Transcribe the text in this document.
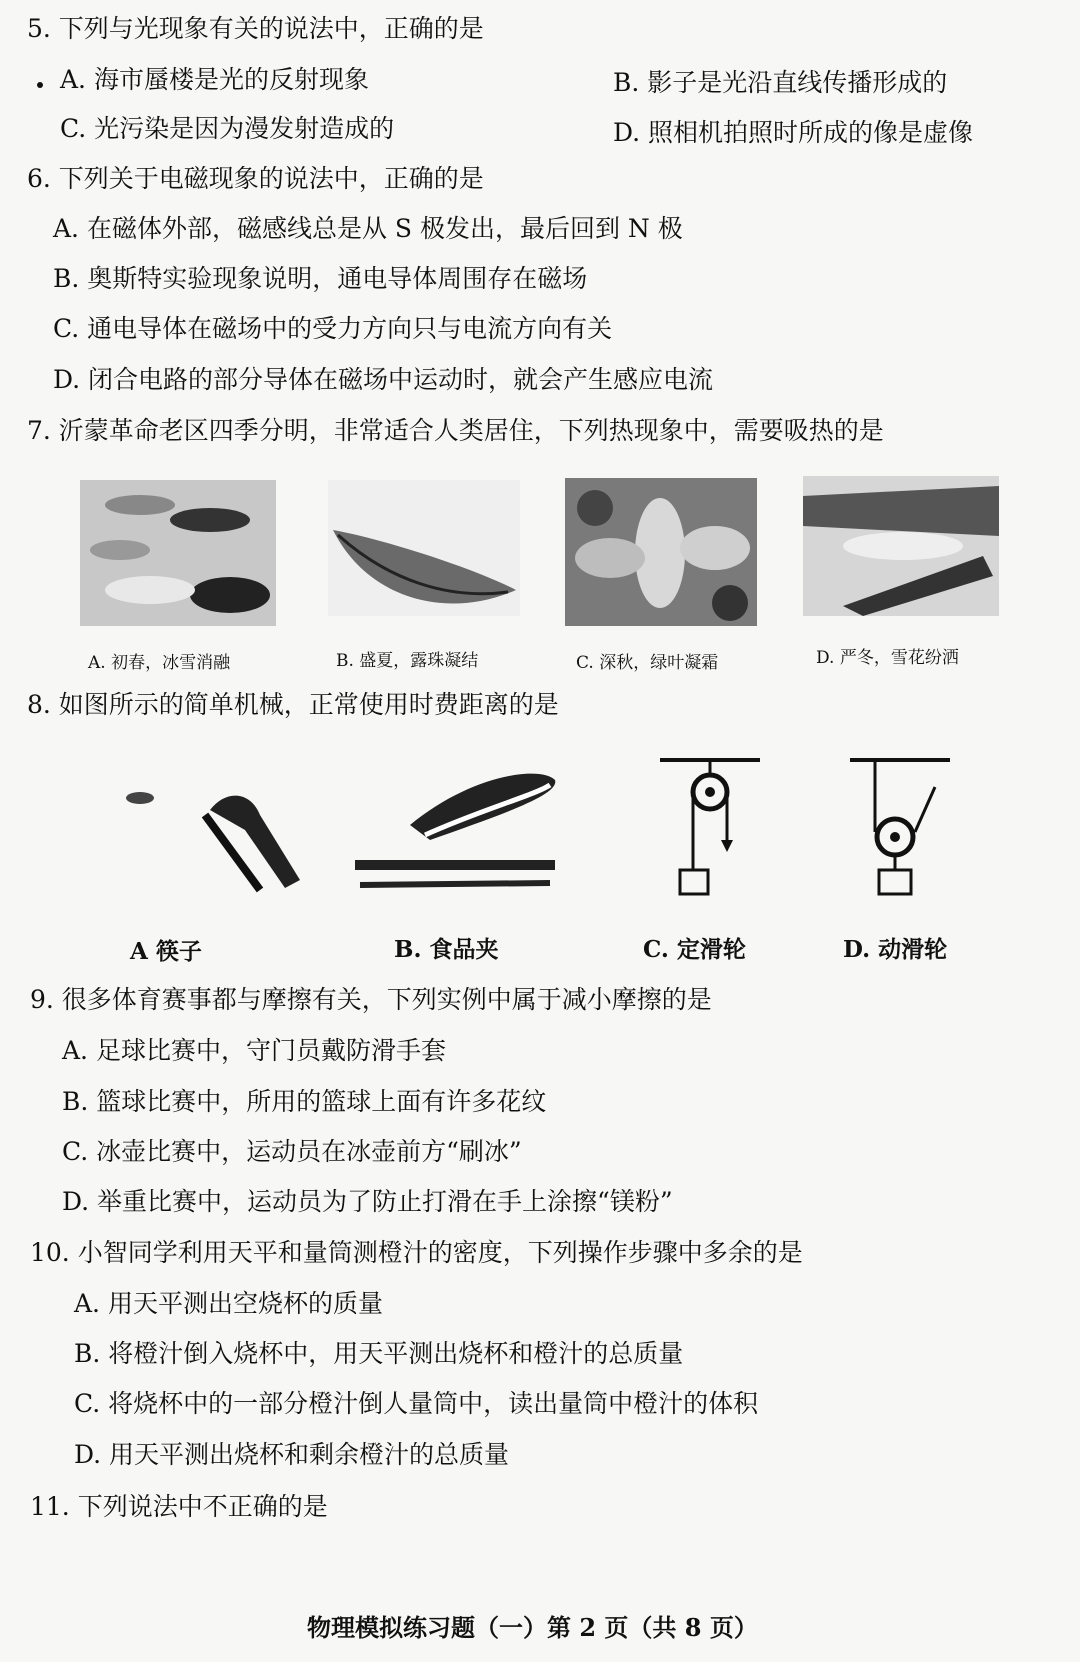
5. 下列与光现象有关的说法中，正确的是
A. 海市蜃楼是光的反射现象	B. 影子是光沿直线传播形成的
C. 光污染是因为漫发射造成的	D. 照相机拍照时所成的像是虚像
6. 下列关于电磁现象的说法中，正确的是
A. 在磁体外部，磁感线总是从 S 极发出，最后回到 N 极
B. 奥斯特实验现象说明，通电导体周围存在磁场
C. 通电导体在磁场中的受力方向只与电流方向有关
D. 闭合电路的部分导体在磁场中运动时，就会产生感应电流
7. 沂蒙革命老区四季分明，非常适合人类居住，下列热现象中，需要吸热的是
A. 初春，冰雪消融	B. 盛夏，露珠凝结	C. 深秋，绿叶凝霜	D. 严冬，雪花纷洒
8. 如图所示的简单机械，正常使用时费距离的是
A 筷子	B. 食品夹	C. 定滑轮	D. 动滑轮
9. 很多体育赛事都与摩擦有关，下列实例中属于减小摩擦的是
A. 足球比赛中，守门员戴防滑手套
B. 篮球比赛中，所用的篮球上面有许多花纹
C. 冰壶比赛中，运动员在冰壶前方“刷冰”
D. 举重比赛中，运动员为了防止打滑在手上涂擦“镁粉”
10. 小智同学利用天平和量筒测橙汁的密度，下列操作步骤中多余的是
A. 用天平测出空烧杯的质量
B. 将橙汁倒入烧杯中，用天平测出烧杯和橙汁的总质量
C. 将烧杯中的一部分橙汁倒人量筒中，读出量筒中橙汁的体积
D. 用天平测出烧杯和剩余橙汁的总质量
11. 下列说法中不正确的是
物理模拟练习题（一）第 2 页（共 8 页）
